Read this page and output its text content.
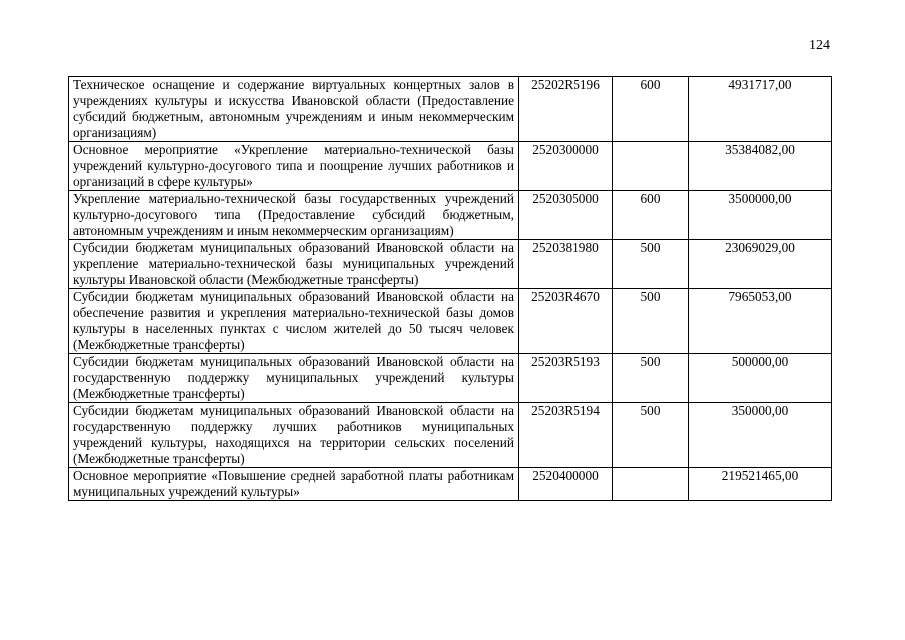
124
Техническое оснащение и содержание виртуальных концертных залов в учреждениях культуры и искусства Ивановской области (Предоставление субсидий бюджетным, автономным учреждениям и иным некоммерческим организациям)	25202R5196	600	4931717,00
Основное мероприятие «Укрепление материально-технической базы учреждений культурно-досугового типа и поощрение лучших работников и организаций в сфере культуры»	2520300000		35384082,00
Укрепление материально-технической базы государственных учреждений культурно-досугового типа (Предоставление субсидий бюджетным, автономным учреждениям и иным некоммерческим организациям)	2520305000	600	3500000,00
Субсидии бюджетам муниципальных образований Ивановской области на укрепление материально-технической базы муниципальных учреждений культуры Ивановской области (Межбюджетные трансферты)	2520381980	500	23069029,00
Субсидии бюджетам муниципальных образований Ивановской области на обеспечение развития и укрепления материально-технической базы домов культуры в населенных пунктах с числом жителей до 50 тысяч человек (Межбюджетные трансферты)	25203R4670	500	7965053,00
Субсидии бюджетам муниципальных образований Ивановской области на государственную поддержку муниципальных учреждений культуры (Межбюджетные трансферты)	25203R5193	500	500000,00
Субсидии бюджетам муниципальных образований Ивановской области на государственную поддержку лучших работников муниципальных учреждений культуры, находящихся на территории сельских поселений (Межбюджетные трансферты)	25203R5194	500	350000,00
Основное мероприятие «Повышение средней заработной платы работникам муниципальных учреждений культуры»	2520400000		219521465,00
